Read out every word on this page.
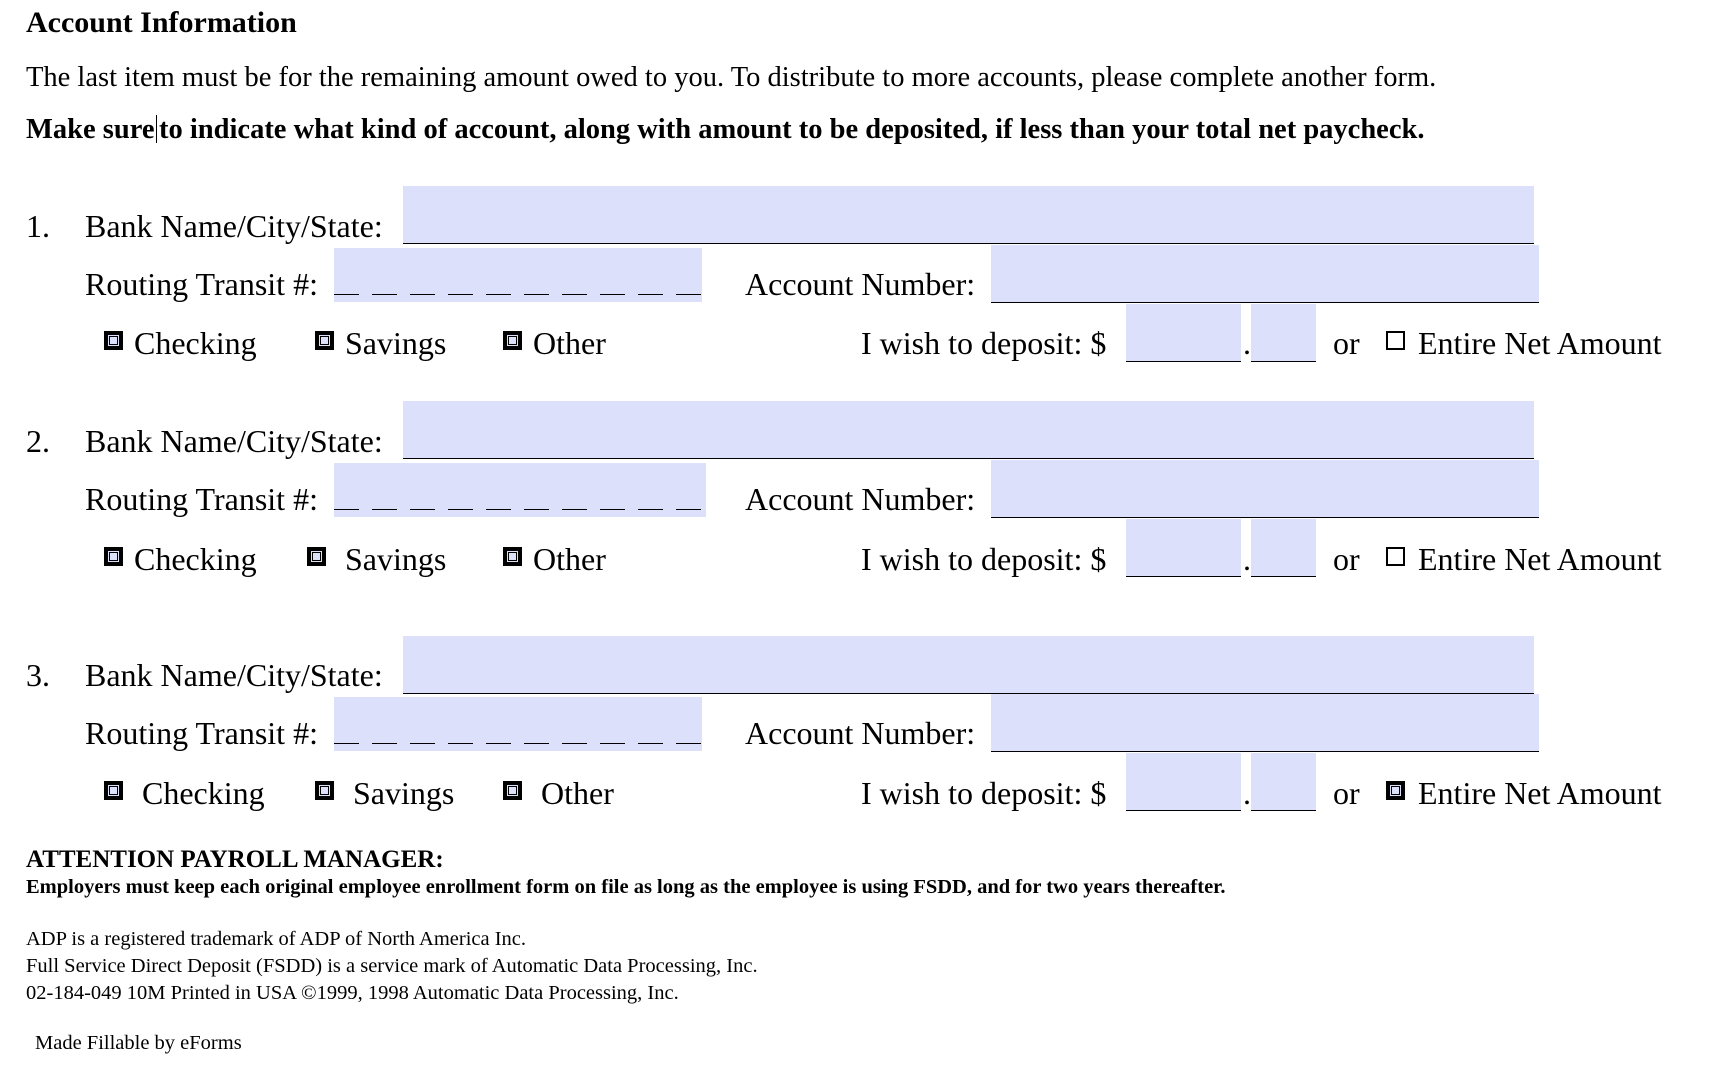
Account Information
The last item must be for the remaining amount owed to you. To distribute to more accounts, please complete another form.
Make sure to indicate what kind of account, along with amount to be deposited, if less than your total net paycheck.
1. Bank Name/City/State:
Routing Transit #:	Account Number:
Checking	Savings	Other	I wish to deposit: $	.	or Entire Net Amount
2. Bank Name/City/State:
Routing Transit #:	Account Number:
Checking	Savings	Other	I wish to deposit: $	.	or Entire Net Amount
3. Bank Name/City/State:
Routing Transit #:	Account Number:
Checking	Savings	Other	I wish to deposit: $	.	or Entire Net Amount
ATTENTION PAYROLL MANAGER:
Employers must keep each original employee enrollment form on file as long as the employee is using FSDD, and for two years thereafter.
ADP is a registered trademark of ADP of North America Inc.
Full Service Direct Deposit (FSDD) is a service mark of Automatic Data Processing, Inc.
02-184-049 10M Printed in USA ©1999, 1998 Automatic Data Processing, Inc.
Made Fillable by eForms
